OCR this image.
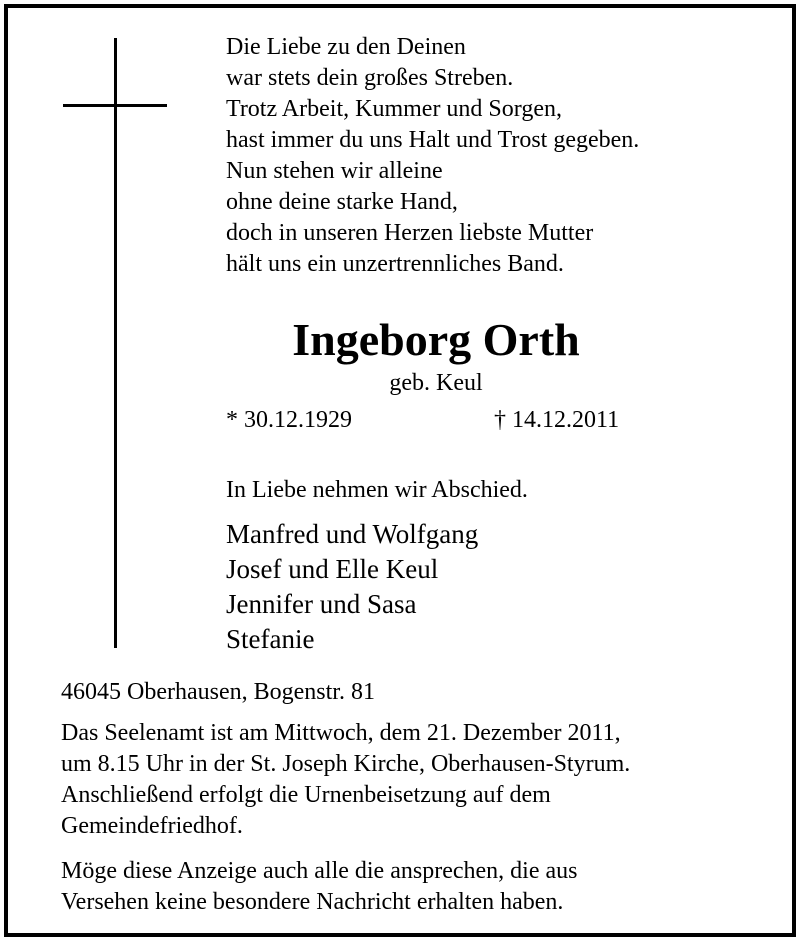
Die Liebe zu den Deinen
war stets dein großes Streben.
Trotz Arbeit, Kummer und Sorgen,
hast immer du uns Halt und Trost gegeben.
Nun stehen wir alleine
ohne deine starke Hand,
doch in unseren Herzen liebste Mutter
hält uns ein unzertrennliches Band.
Ingeborg Orth
geb. Keul
* 30.12.1929	† 14.12.2011
In Liebe nehmen wir Abschied.
Manfred und Wolfgang
Josef und Elle Keul
Jennifer und Sasa
Stefanie
46045 Oberhausen, Bogenstr. 81
Das Seelenamt ist am Mittwoch, dem 21. Dezember 2011,
um 8.15 Uhr in der St. Joseph Kirche, Oberhausen-Styrum.
Anschließend erfolgt die Urnenbeisetzung auf dem
Gemeindefriedhof.
Möge diese Anzeige auch alle die ansprechen, die aus
Versehen keine besondere Nachricht erhalten haben.
